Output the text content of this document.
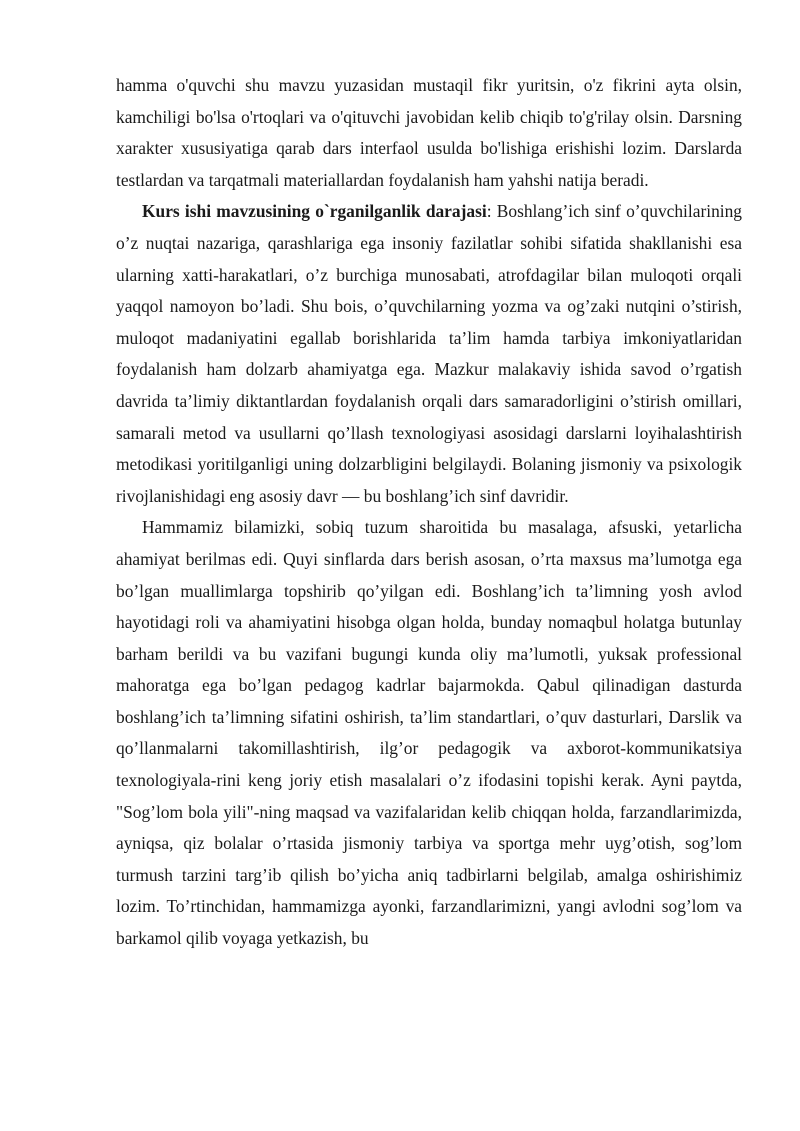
hamma o'quvchi shu mavzu yuzasidan mustaqil fikr yuritsin, o'z fikrini ayta olsin, kamchiligi bo'lsa o'rtoqlari va o'qituvchi javobidan kelib chiqib to'g'rilay olsin. Darsning xarakter xususiyatiga qarab dars interfaol usulda bo'lishiga erishishi lozim. Darslarda testlardan va tarqatmali materiallardan foydalanish ham yahshi natija beradi.

Kurs ishi mavzusining o`rganilganlik darajasi: Boshlang’ich sinf o’quvchilarining o’z nuqtai nazariga, qarashlariga ega insoniy fazilatlar sohibi sifatida shakllanishi esa ularning xatti-harakatlari, o’z burchiga munosabati, atrofdagilar bilan muloqoti orqali yaqqol namoyon bo’ladi. Shu bois, o’quvchilarning yozma va og’zaki nutqini o’stirish, muloqot madaniyatini egallab borishlarida ta’lim hamda tarbiya imkoniyatlaridan foydalanish ham dolzarb ahamiyatga ega. Mazkur malakaviy ishida savod o’rgatish davrida ta’limiy diktantlardan foydalanish orqali dars samaradorligini o’stirish omillari, samarali metod va usullarni qo’llash texnologiyasi asosidagi darslarni loyihalashtirish metodikasi yoritilganligi uning dolzarbligini belgilaydi. Bolaning jismoniy va psixologik rivojlanishidagi eng asosiy davr — bu boshlang’ich sinf davridir.

Hammamiz bilamizki, sobiq tuzum sharoitida bu masalaga, afsuski, yetarlicha ahamiyat berilmas edi. Quyi sinflarda dars berish asosan, o’rta maxsus ma’lumotga ega bo’lgan muallimlarga topshirib qo’yilgan edi. Boshlang’ich ta’limning yosh avlod hayotidagi roli va ahamiyatini hisobga olgan holda, bunday nomaqbul holatga butunlay barham berildi va bu vazifani bugungi kunda oliy ma’lumotli, yuksak professional mahoratga ega bo’lgan pedagog kadrlar bajarmokda. Qabul qilinadigan dasturda boshlang’ich ta’limning sifatini oshirish, ta’lim standartlari, o’quv dasturlari, Darslik va qo’llanmalarni takomillashtirish, ilg’or pedagogik va axborot-kommunikatsiya texnologiyala-rini keng joriy etish masalalari o’z ifodasini topishi kerak. Ayni paytda, "Sog’lom bola yili"-ning maqsad va vazifalaridan kelib chiqqan holda, farzandlarimizda, ayniqsa, qiz bolalar o’rtasida jismoniy tarbiya va sportga mehr uyg’otish, sog’lom turmush tarzini targ’ib qilish bo’yicha aniq tadbirlarni belgilab, amalga oshirishimiz lozim. To’rtinchidan, hammamizga ayonki, farzandlarimizni, yangi avlodni sog’lom va barkamol qilib voyaga yetkazish, bu
